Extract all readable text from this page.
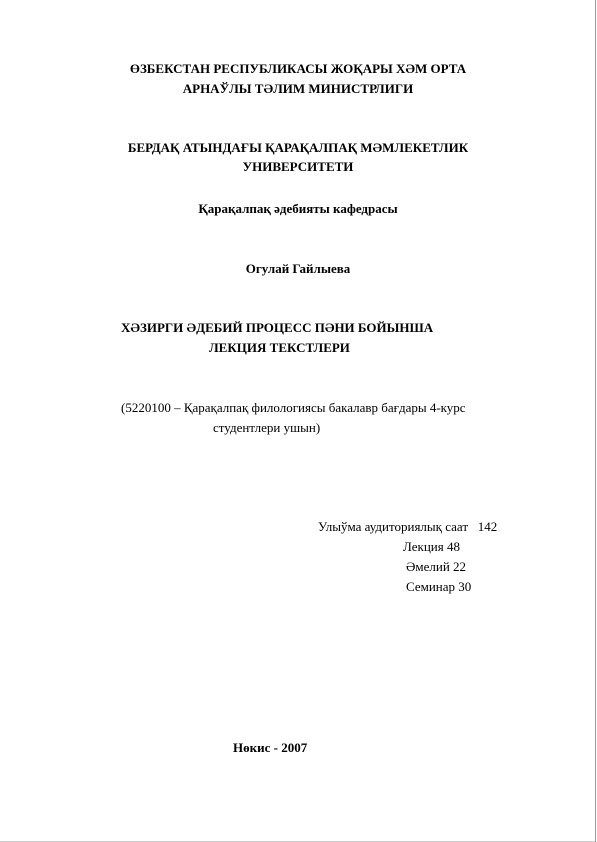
ӨЗБЕКСТАН РЕСПУБЛИКАСЫ ЖОҚАРЫ ХӘМ ОРТА
АРНАЎЛЫ ТӘЛИМ МИНИСТРЛИГИ
БЕРДАҚ АТЫНДАҒЫ ҚАРАҚАЛПАҚ МӘМЛЕКЕТЛИК
УНИВЕРСИТЕТИ
Қарақалпақ әдебияты кафедрасы
Огулай Гайлыева
ХӘЗИРГИ ӘДЕБИЙ ПРОЦЕСС ПӘНИ БОЙЫНША
ЛЕКЦИЯ ТЕКСТЛЕРИ
(5220100 – Қарақалпақ филологиясы бакалавр бағдары 4-курс
студентлери ушын)
Улыўма аудиториялық саат 142
Лекция 48
Әмелий 22
Семинар 30
Нөкис - 2007
